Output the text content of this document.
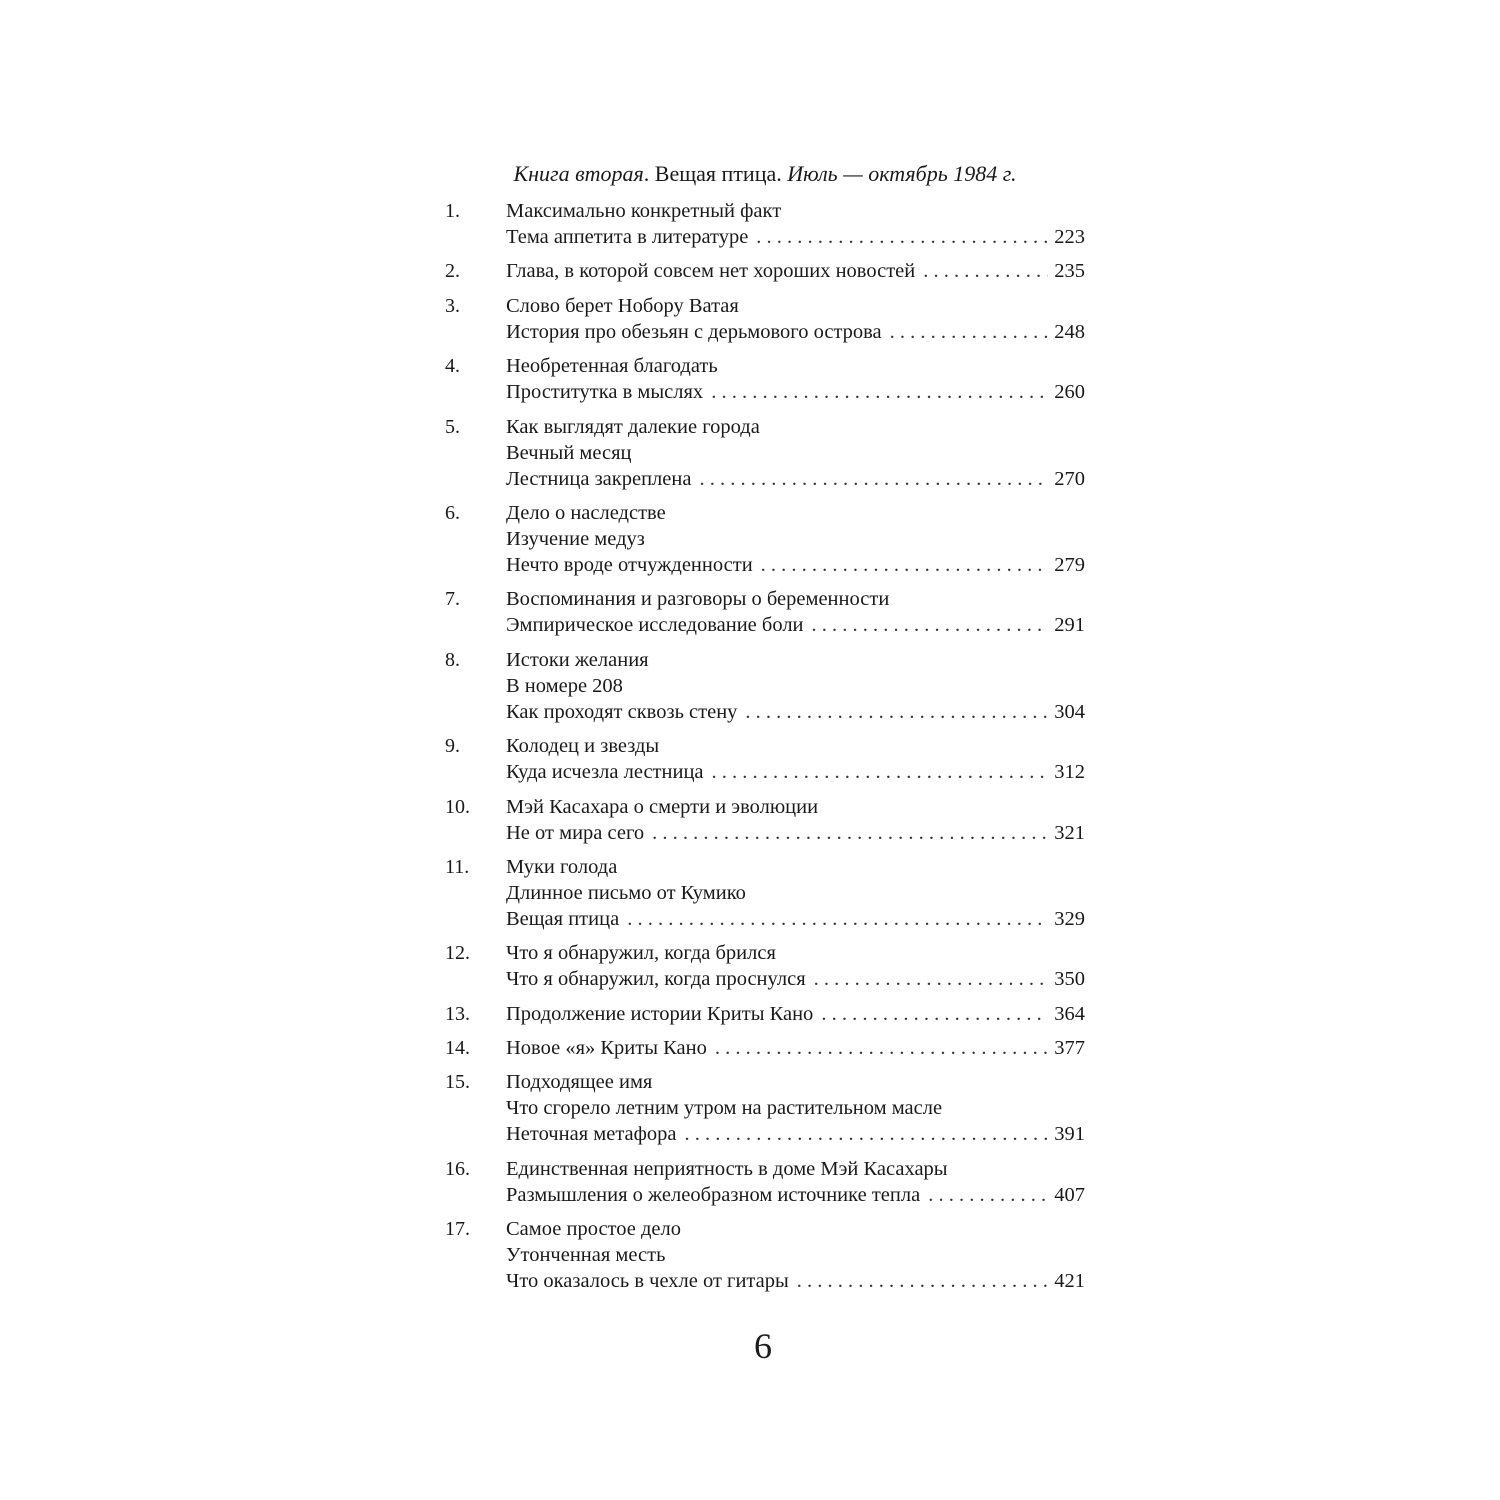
Книга вторая. Вещая птица. Июль — октябрь 1984 г.
1.	Максимально конкретный факт
Тема аппетита в литературе . . .	223
2.	Глава, в которой совсем нет хороших новостей . . .	235
3.	Слово берет Нобору Ватая
История про обезьян с дерьмового острова . . .	248
4.	Необретенная благодать
Проститутка в мыслях . . .	260
5.	Как выглядят далекие города
Вечный месяц
Лестница закреплена . . .	270
6.	Дело о наследстве
Изучение медуз
Нечто вроде отчужденности . . .	279
7.	Воспоминания и разговоры о беременности
Эмпирическое исследование боли . . .	291
8.	Истоки желания
В номере 208
Как проходят сквозь стену . . .	304
9.	Колодец и звезды
Куда исчезла лестница . . .	312
10.	Мэй Касахара о смерти и эволюции
Не от мира сего . . .	321
11.	Муки голода
Длинное письмо от Кумико
Вещая птица . . .	329
12.	Что я обнаружил, когда брился
Что я обнаружил, когда проснулся . . .	350
13.	Продолжение истории Криты Кано . . .	364
14.	Новое «я» Криты Кано . . .	377
15.	Подходящее имя
Что сгорело летним утром на растительном масле
Неточная метафора . . .	391
16.	Единственная неприятность в доме Мэй Касахары
Размышления о желеобразном источнике тепла . . .	407
17.	Самое простое дело
Утонченная месть
Что оказалось в чехле от гитары . . .	421
6
